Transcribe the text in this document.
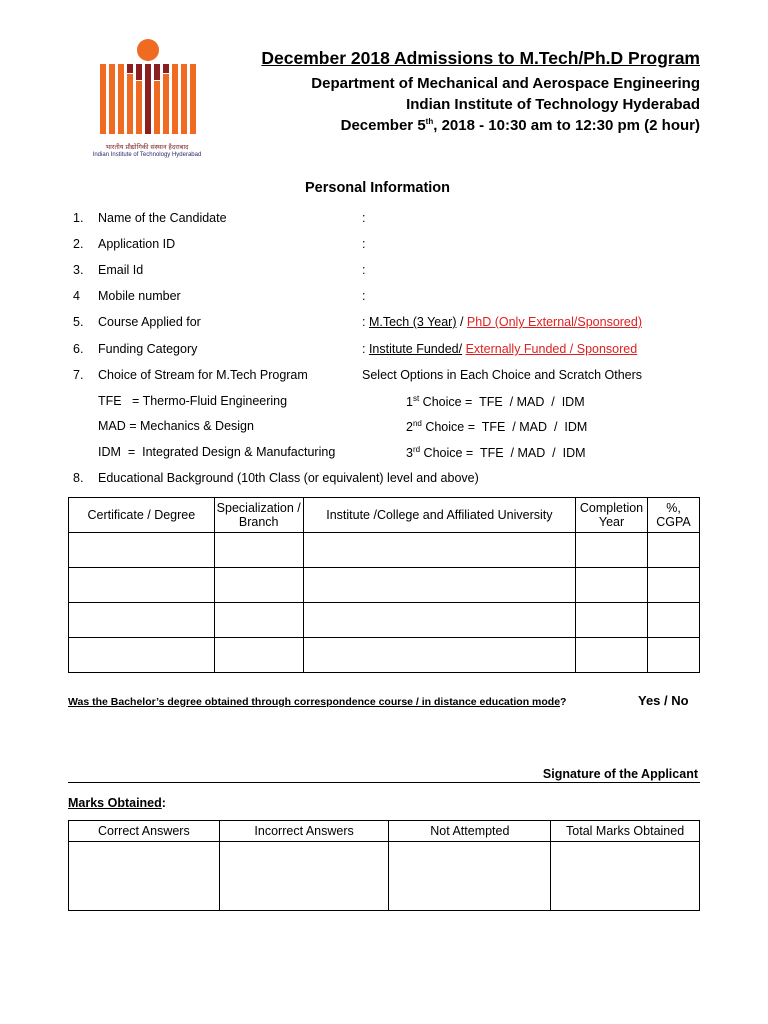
भारतीय प्रौद्योगिकी संस्थान हैदराबाद
Indian Institute of Technology Hyderabad
December 2018 Admissions to M.Tech/Ph.D Program
Department of Mechanical and Aerospace Engineering
Indian Institute of Technology Hyderabad
December 5th, 2018 - 10:30 am to 12:30 pm (2 hour)
Personal Information
1. Name of the Candidate	:
2. Application ID	:
3. Email Id	:
4 Mobile number	:
5. Course Applied for	: M.Tech (3 Year) / PhD (Only External/Sponsored)
6. Funding Category	: Institute Funded/ Externally Funded / Sponsored
7. Choice of Stream for M.Tech Program	Select Options in Each Choice and Scratch Others
TFE   = Thermo-Fluid Engineering	1st Choice =  TFE  / MAD  /  IDM
MAD = Mechanics & Design	2nd Choice =  TFE  / MAD  /  IDM
IDM  =  Integrated Design & Manufacturing	3rd Choice =  TFE  / MAD  /  IDM
8. Educational Background (10th Class (or equivalent) level and above)
Certificate / Degree	Specialization / Branch	Institute /College and Affiliated University	Completion Year	%, CGPA

Was the Bachelor’s degree obtained through correspondence course / in distance education mode?	Yes / No
Signature of the Applicant
Marks Obtained:
Correct Answers	Incorrect Answers	Not Attempted	Total Marks Obtained
